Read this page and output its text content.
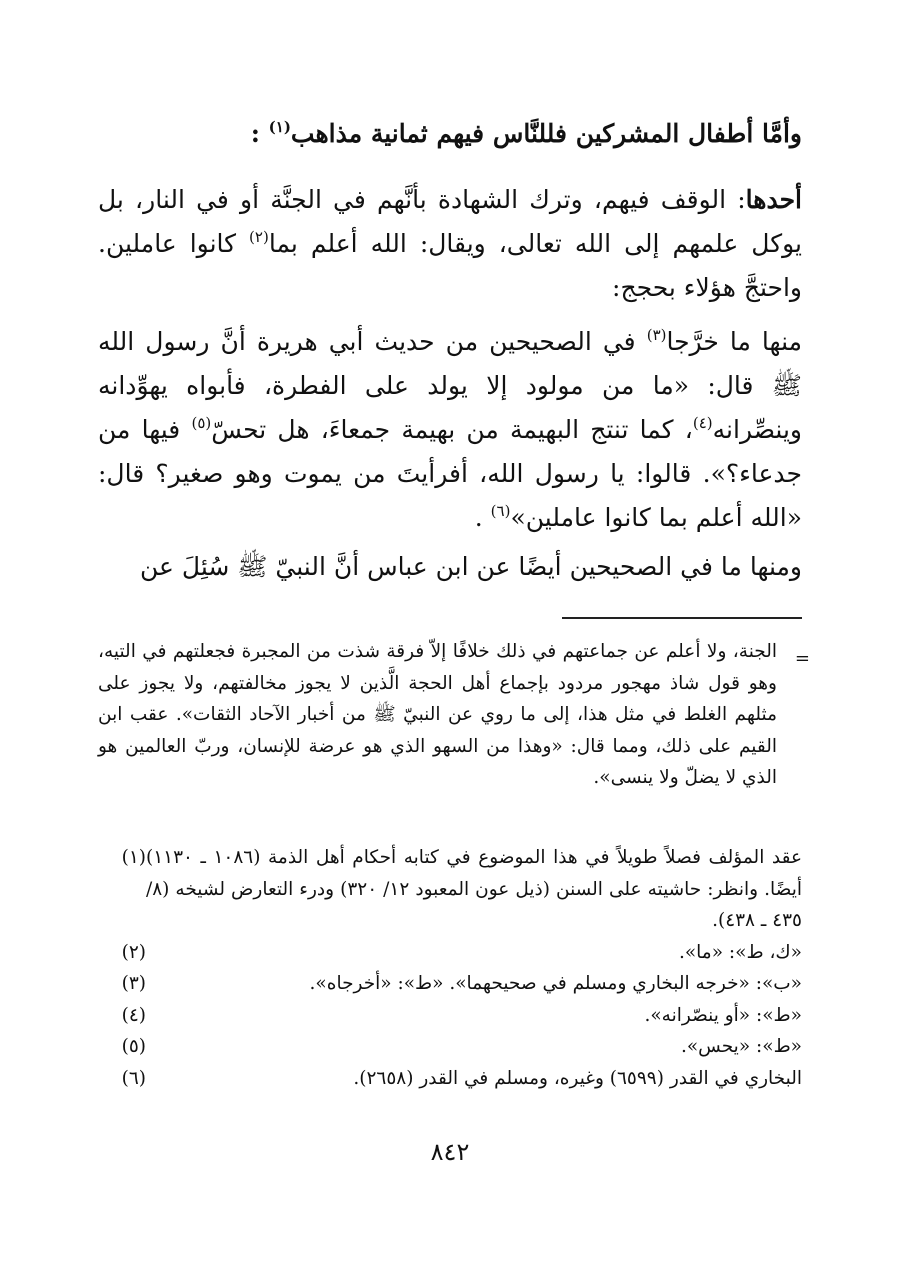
وأمَّا أطفال المشركين فللنَّاس فيهم ثمانية مذاهب$^{(١)}$ :

أحدها: الوقف فيهم، وترك الشهادة بأنَّهم في الجنَّة أو في النار، بل يوكل علمهم إلى الله تعالى، ويقال: الله أعلم بما$^{(٢)}$ كانوا عاملين. واحتجَّ هؤلاء بحجج:

منها ما خرَّجا$^{(٣)}$ في الصحيحين من حديث أبي هريرة أنَّ رسول الله ﷺ قال: «ما من مولود إلا يولد على الفطرة، فأبواه يهوِّدانه وينصِّرانه$^{(٤)}$، كما تنتج البهيمة من بهيمة جمعاءَ، هل تحسّ$^{(٥)}$ فيها من جدعاء؟». قالوا: يا رسول الله، أفرأيتَ من يموت وهو صغير؟ قال: «الله أعلم بما كانوا عاملين»$^{(٦)}$ .

ومنها ما في الصحيحين أيضًا عن ابن عباس أنَّ النبيّ ﷺ سُئِلَ عن

=

الجنة، ولا أعلم عن جماعتهم في ذلك خلافًا إلاّ فرقة شذت من المجبرة فجعلتهم في التيه، وهو قول شاذ مهجور مردود بإجماع أهل الحجة الَّذين لا يجوز مخالفتهم، ولا يجوز على مثلهم الغلط في مثل هذا، إلى ما روي عن النبيّ ﷺ من أخبار الآحاد الثقات». عقب ابن القيم على ذلك، ومما قال: «وهذا من السهو الذي هو عرضة للإنسان، وربّ العالمين هو الذي لا يضلّ ولا ينسى».

(١) عقد المؤلف فصلاً طويلاً في هذا الموضوع في كتابه أحكام أهل الذمة (١٠٨٦ ـ ١١٣٠) أيضًا. وانظر: حاشيته على السنن (ذيل عون المعبود ١٢/ ٣٢٠) ودرء التعارض لشيخه (٨/ ٤٣٥ ـ ٤٣٨).
(٢)	«ك، ط»: «ما».
(٣)	«ب»: «خرجه البخاري ومسلم في صحيحهما». «ط»: «أخرجاه».
(٤)	«ط»: «أو ينصّرانه».
(٥)	«ط»: «يحس».
(٦)	البخاري في القدر (٦٥٩٩) وغيره، ومسلم في القدر (٢٦٥٨).
٨٤٢
